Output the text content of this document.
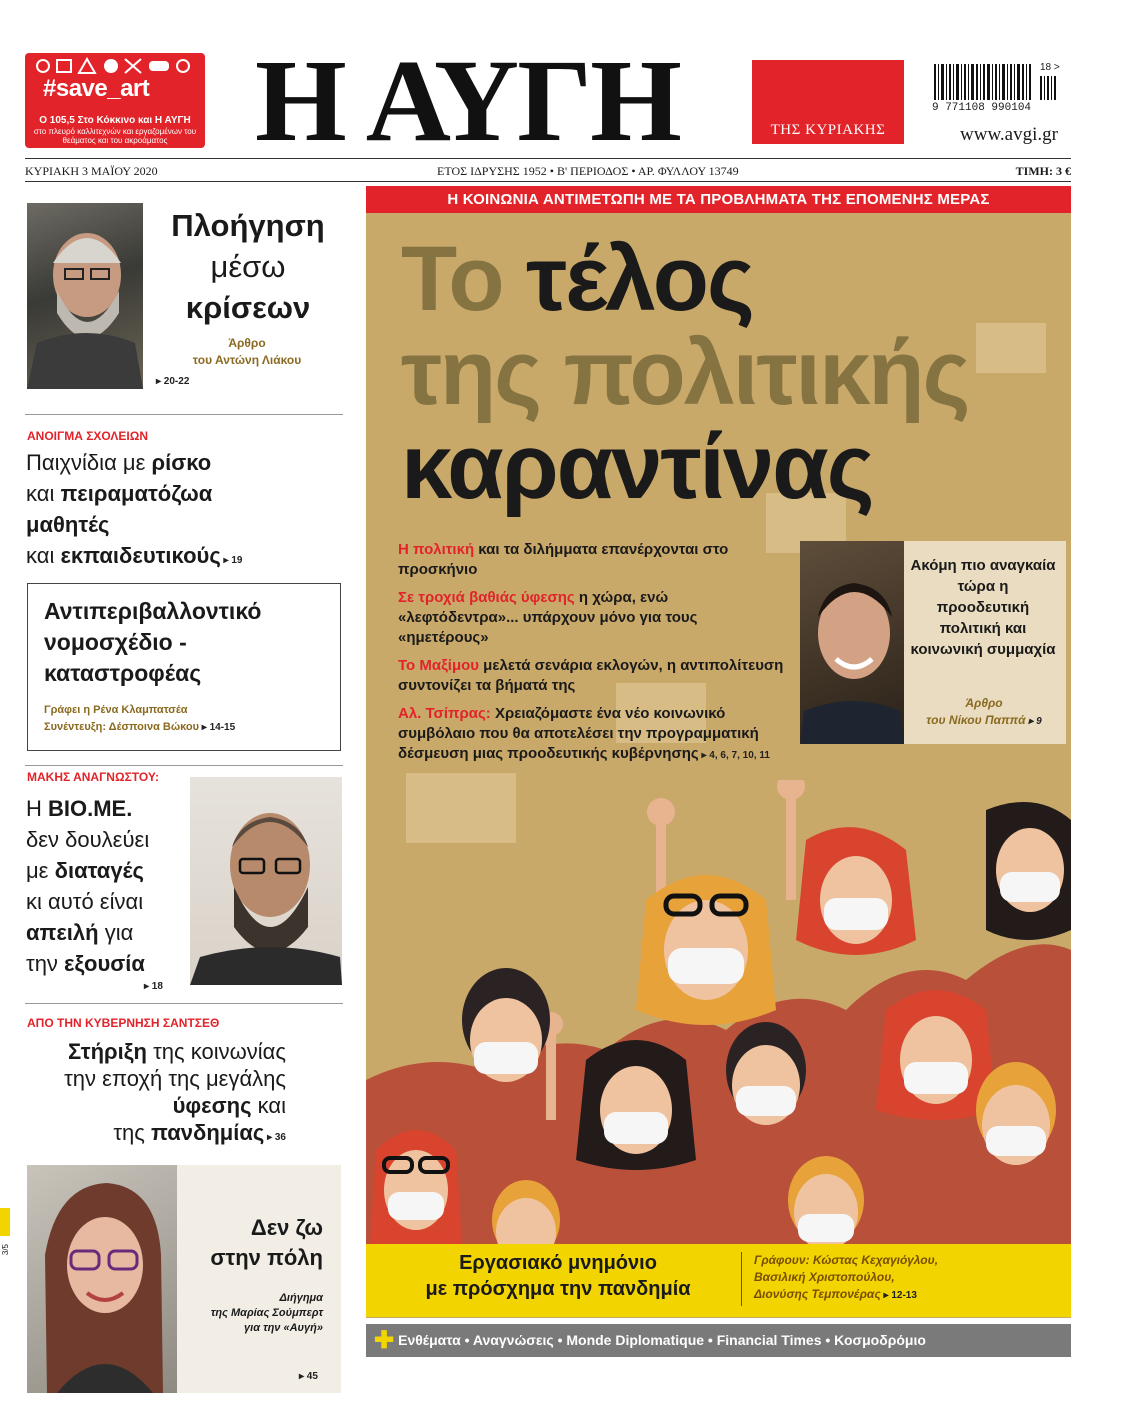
#save_art
Ο 105,5 Στο Κόκκινο και Η ΑΥΓΗ
στο πλευρό καλλιτεχνών και εργαζομένων του θεάματος και του ακροάματος Η ΑΥΓΗ	ΤΗΣ ΚΥΡΙΑΚΗΣ
9 771108 990104
18 >
www.avgi.gr
ΚΥΡΙΑΚΗ 3 ΜΑΪΟΥ 2020	ΕΤΟΣ ΙΔΡΥΣΗΣ 1952 • Β' ΠΕΡΙΟΔΟΣ • ΑΡ. ΦΥΛΛΟΥ 13749	ΤΙΜΗ: 3 €
Πλοήγηση
μέσω
κρίσεων
Άρθρο
του Αντώνη Λιάκου
▸ 20-22
ΑΝΟΙΓΜΑ ΣΧΟΛΕΙΩΝ
Παιχνίδια με ρίσκο
και πειραματόζωα
μαθητές
και εκπαιδευτικούς ▸ 19
Αντιπεριβαλλοντικό
νομοσχέδιο -
καταστροφέας
Γράφει η Ρένα Κλαμπατσέα
Συνέντευξη: Δέσποινα Βώκου ▸ 14-15
ΜΑΚΗΣ ΑΝΑΓΝΩΣΤΟΥ:
Η ΒΙΟ.ΜΕ.
δεν δουλεύει
με διαταγές
κι αυτό είναι
απειλή για
την εξουσία
▸ 18
ΑΠΟ ΤΗΝ ΚΥΒΕΡΝΗΣΗ ΣΑΝΤΣΕΘ
Στήριξη της κοινωνίας
την εποχή της μεγάλης
ύφεσης και
της πανδημίας ▸ 36
Δεν ζω
στην πόλη
Διήγημα
της Μαρίας Σούμπερτ
για την «Αυγή»
▸ 45
3/5
Η ΚΟΙΝΩΝΙΑ ΑΝΤΙΜΕΤΩΠΗ ΜΕ ΤΑ ΠΡΟΒΛΗΜΑΤΑ ΤΗΣ ΕΠΟΜΕΝΗΣ ΜΕΡΑΣ
Το τέλος
της πολιτικής
καραντίνας
Η πολιτική και τα διλήμματα επανέρχονται στο προσκήνιο
Σε τροχιά βαθιάς ύφεσης η χώρα, ενώ «λεφτόδεντρα»... υπάρχουν μόνο για τους «ημετέρους»
Το Μαξίμου μελετά σενάρια εκλογών, η αντιπολίτευση συντονίζει τα βήματά της
Αλ. Τσίπρας: Χρειαζόμαστε ένα νέο κοινωνικό συμβόλαιο που θα αποτελέσει την προγραμματική δέσμευση μιας προοδευτικής κυβέρνησης ▸ 4, 6, 7, 10, 11
Ακόμη πιο αναγκαία τώρα η προοδευτική πολιτική και κοινωνική συμμαχία
Άρθρο
του Νίκου Παππά ▸ 9
Εργασιακό μνημόνιο
με πρόσχημα την πανδημία
Γράφουν: Κώστας Κεχαγιόγλου,
Βασιλική Χριστοπούλου,
Διονύσης Τεμπονέρας ▸ 12-13
✚ Ενθέματα • Αναγνώσεις • Monde Diplomatique • Financial Times • Κοσμοδρόμιο
